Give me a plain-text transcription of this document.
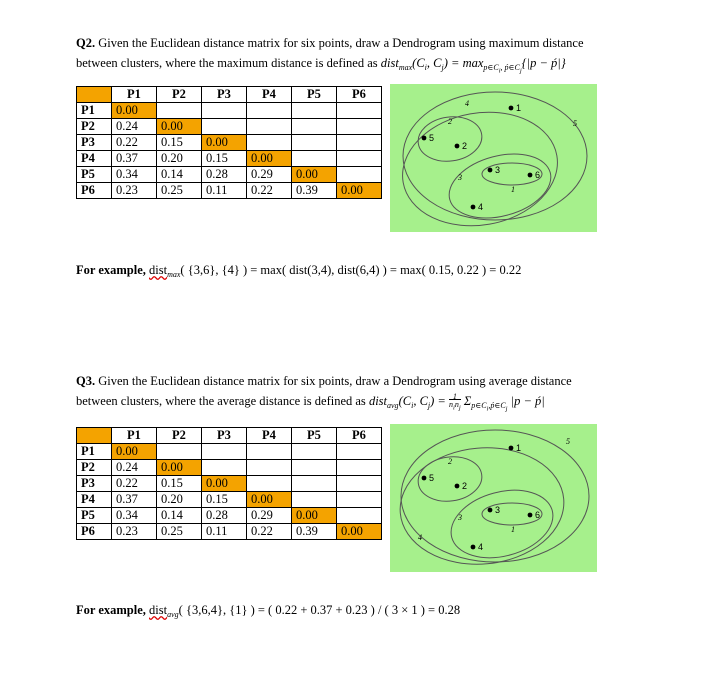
Q2. Given the Euclidean distance matrix for six points, draw a Dendrogram using maximum distance
between clusters, where the maximum distance is defined as $dist_{max}(C_i$, $C_j) = \max_{p\in C_i, ṕ\in C_j}\{|p$ − ṕ|}
	P1	P2	P3	P4	P5	P6
P1	0.00					
P2	0.24	0.00				
P3	0.22	0.15	0.00			
P4	0.37	0.20	0.15	0.00		
P5	0.34	0.14	0.28	0.29	0.00	
P6	0.23	0.25	0.11	0.22	0.39	0.00
1
2
3
4
5
6
1
2
3
4
5
For example, dist$_{max}$( {3,6}, {4} ) = max( dist(3,4), dist(6,4) ) = max( 0.15, 0.22 ) = 0.22
Q3. Given the Euclidean distance matrix for six points, draw a Dendrogram using average distance
between clusters, where the average distance is defined as $dist_{avg}(C_i$, $C_j) = 1$
$n_in_j$ $\Sigma_{p\in C_i,ṕ\in C_j}$ |p − ṕ|
	P1	P2	P3	P4	P5	P6
P1	0.00					
P2	0.24	0.00				
P3	0.22	0.15	0.00			
P4	0.37	0.20	0.15	0.00		
P5	0.34	0.14	0.28	0.29	0.00	
P6	0.23	0.25	0.11	0.22	0.39	0.00
1
2
3
4
5
6
1
2
3
4
5
For example, dist$_{avg}$( {3,6,4}, {1} ) = ( 0.22 + 0.37 + 0.23 ) / ( 3 × 1 ) = 0.28
